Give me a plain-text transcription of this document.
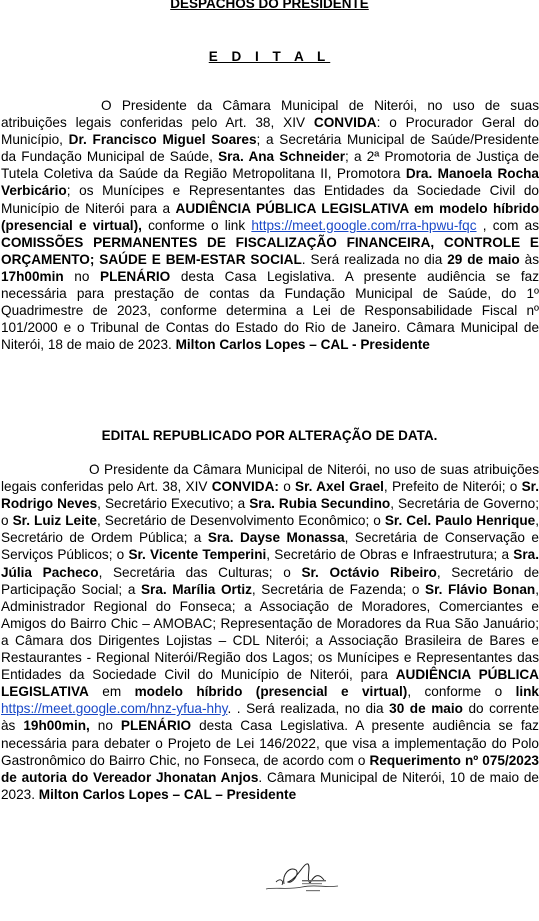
DESPACHOS DO PRESIDENTE
E D I T A L

O Presidente da Câmara Municipal de Niterói, no uso de suas atribuições legais conferidas pelo Art. 38, XIV CONVIDA: o Procurador Geral do Município, Dr. Francisco Miguel Soares; a Secretária Municipal de Saúde/Presidente da Fundação Municipal de Saúde, Sra. Ana Schneider; a 2ª Promotoria de Justiça de Tutela Coletiva da Saúde da Região Metropolitana II, Promotora Dra. Manoela Rocha Verbicário; os Munícipes e Representantes das Entidades da Sociedade Civil do Município de Niterói para a AUDIÊNCIA PÚBLICA LEGISLATIVA em modelo híbrido (presencial e virtual), conforme o link https://meet.google.com/rra-hpwu-fqc , com as COMISSÕES PERMANENTES DE FISCALIZAÇÃO FINANCEIRA, CONTROLE E ORÇAMENTO; SAÚDE E BEM-ESTAR SOCIAL. Será realizada no dia 29 de maio às 17h00min no PLENÁRIO desta Casa Legislativa. A presente audiência se faz necessária para prestação de contas da Fundação Municipal de Saúde, do 1º Quadrimestre de 2023, conforme determina a Lei de Responsabilidade Fiscal nº 101/2000 e o Tribunal de Contas do Estado do Rio de Janeiro. Câmara Municipal de Niterói, 18 de maio de 2023. Milton Carlos Lopes – CAL - Presidente

EDITAL REPUBLICADO POR ALTERAÇÃO DE DATA.

O Presidente da Câmara Municipal de Niterói, no uso de suas atribuições legais conferidas pelo Art. 38, XIV CONVIDA: o Sr. Axel Grael, Prefeito de Niterói; o Sr. Rodrigo Neves, Secretário Executivo; a Sra. Rubia Secundino, Secretária de Governo; o Sr. Luiz Leite, Secretário de Desenvolvimento Econômico; o Sr. Cel. Paulo Henrique, Secretário de Ordem Pública; a Sra. Dayse Monassa, Secretária de Conservação e Serviços Públicos; o Sr. Vicente Temperini, Secretário de Obras e Infraestrutura; a Sra. Júlia Pacheco, Secretária das Culturas; o Sr. Octávio Ribeiro, Secretário de Participação Social; a Sra. Marília Ortiz, Secretária de Fazenda; o Sr. Flávio Bonan, Administrador Regional do Fonseca; a Associação de Moradores, Comerciantes e Amigos do Bairro Chic – AMOBAC; Representação de Moradores da Rua São Januário; a Câmara dos Dirigentes Lojistas – CDL Niterói; a Associação Brasileira de Bares e Restaurantes - Regional Niterói/Região dos Lagos; os Munícipes e Representantes das Entidades da Sociedade Civil do Município de Niterói, para AUDIÊNCIA PÚBLICA LEGISLATIVA em modelo híbrido (presencial e virtual), conforme o link https://meet.google.com/hnz-yfua-hhy. . Será realizada, no dia 30 de maio do corrente às 19h00min, no PLENÁRIO desta Casa Legislativa. A presente audiência se faz necessária para debater o Projeto de Lei 146/2022, que visa a implementação do Polo Gastronômico do Bairro Chic, no Fonseca, de acordo com o Requerimento nº 075/2023 de autoria do Vereador Jhonatan Anjos. Câmara Municipal de Niterói, 10 de maio de 2023. Milton Carlos Lopes – CAL – Presidente
